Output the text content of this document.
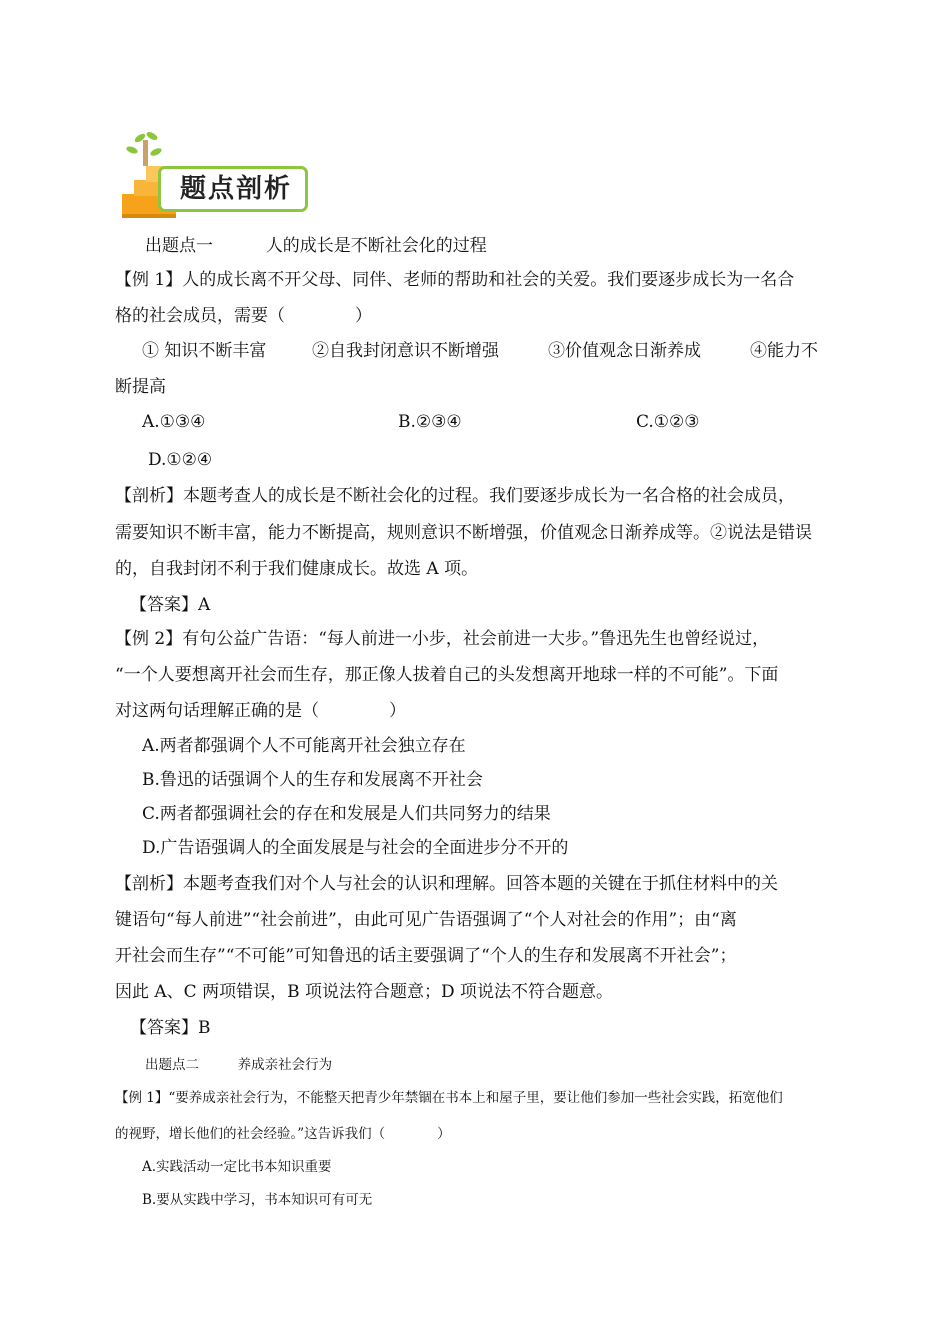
题点剖析
出题点一	人的成长是不断社会化的过程
【例 1】人的成长离不开父母、同伴、老师的帮助和社会的关爱。我们要逐步成长为一名合
格的社会成员，需要（	）
① 知识不断丰富	②自我封闭意识不断增强	③价值观念日渐养成	④能力不
断提高
A.①③④	B.②③④	C.①②③
D.①②④
【剖析】本题考查人的成长是不断社会化的过程。我们要逐步成长为一名合格的社会成员，
需要知识不断丰富，能力不断提高，规则意识不断增强，价值观念日渐养成等。②说法是错误
的，自我封闭不利于我们健康成长。故选 A 项。
【答案】A
【例 2】有句公益广告语：“每人前进一小步，社会前进一大步。”鲁迅先生也曾经说过，
“一个人要想离开社会而生存，那正像人拔着自己的头发想离开地球一样的不可能”。下面
对这两句话理解正确的是（	）
A.两者都强调个人不可能离开社会独立存在
B.鲁迅的话强调个人的生存和发展离不开社会
C.两者都强调社会的存在和发展是人们共同努力的结果
D.广告语强调人的全面发展是与社会的全面进步分不开的
【剖析】本题考查我们对个人与社会的认识和理解。回答本题的关键在于抓住材料中的关
键语句“每人前进”“社会前进”，由此可见广告语强调了“个人对社会的作用”；由“离
开社会而生存”“不可能”可知鲁迅的话主要强调了“个人的生存和发展离不开社会”；
因此 A、C 两项错误，B 项说法符合题意；D 项说法不符合题意。
【答案】B
出题点二	养成亲社会行为
【例 1】“要养成亲社会行为，不能整天把青少年禁锢在书本上和屋子里，要让他们参加一些社会实践，拓宽他们
的视野，增长他们的社会经验。”这告诉我们（	）
A.实践活动一定比书本知识重要
B.要从实践中学习，书本知识可有可无
